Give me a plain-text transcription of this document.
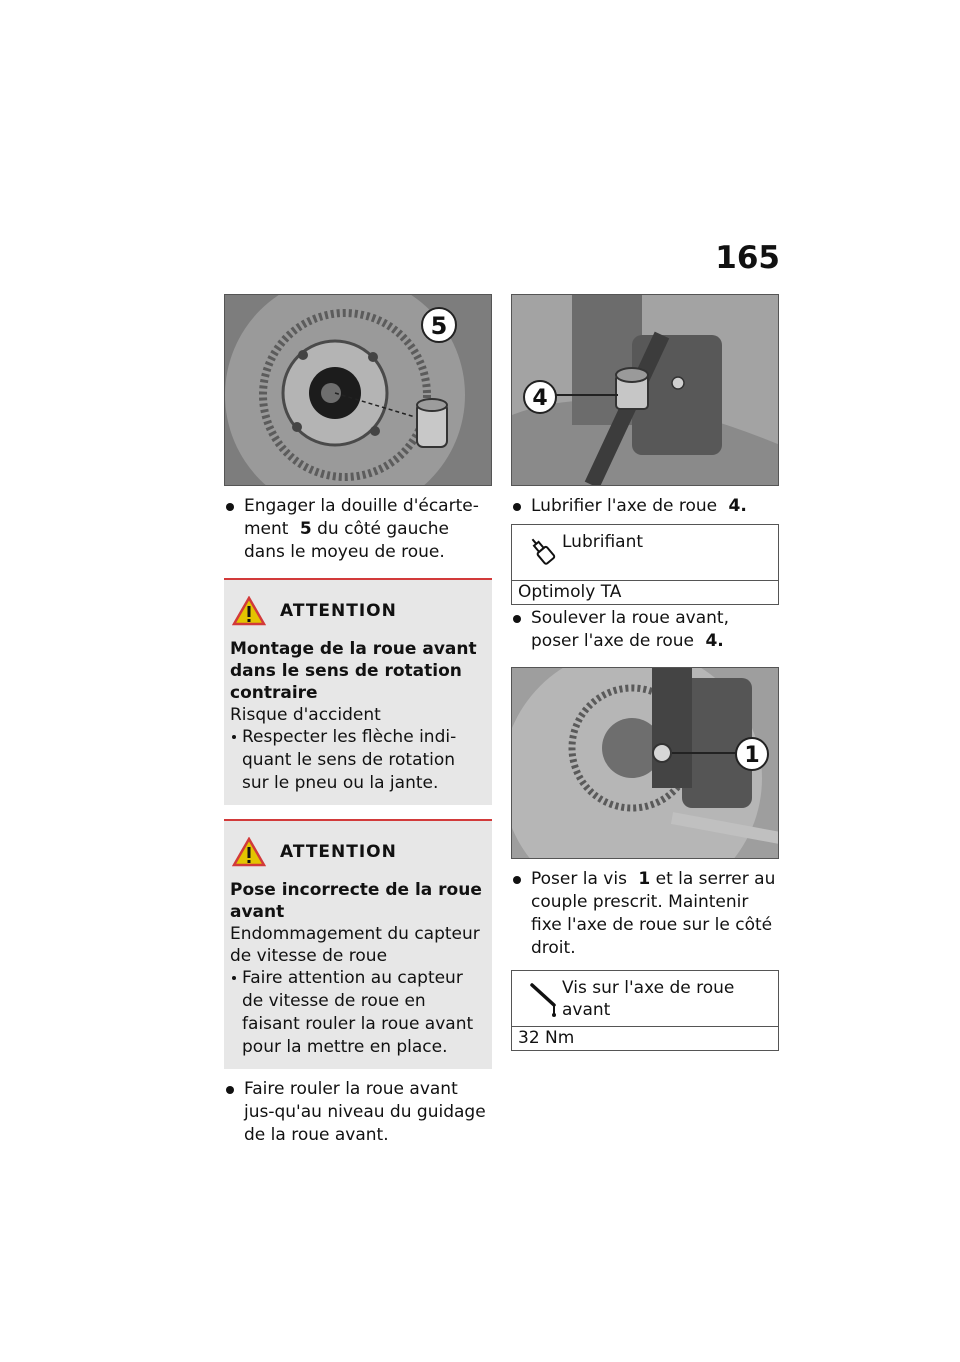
165
5
Engager la douille d'écarte-ment 5 du côté gauche dans le moyeu de roue.
ATTENTION
Montage de la roue avant dans le sens de rotation contraire
Risque d'accident
Respecter les flèche indi-quant le sens de rotation sur le pneu ou la jante.
ATTENTION
Pose incorrecte de la roue avant
Endommagement du capteur de vitesse de roue
Faire attention au capteur de vitesse de roue en faisant rouler la roue avant pour la mettre en place.
Faire rouler la roue avant jus-qu'au niveau du guidage de la roue avant.
4
Lubrifier l'axe de roue 4.
Lubrifiant
Optimoly TA
Soulever la roue avant, poser l'axe de roue 4.
1
Poser la vis 1 et la serrer au couple prescrit. Maintenir fixe l'axe de roue sur le côté droit.
Vis sur l'axe de roue avant
32 Nm
